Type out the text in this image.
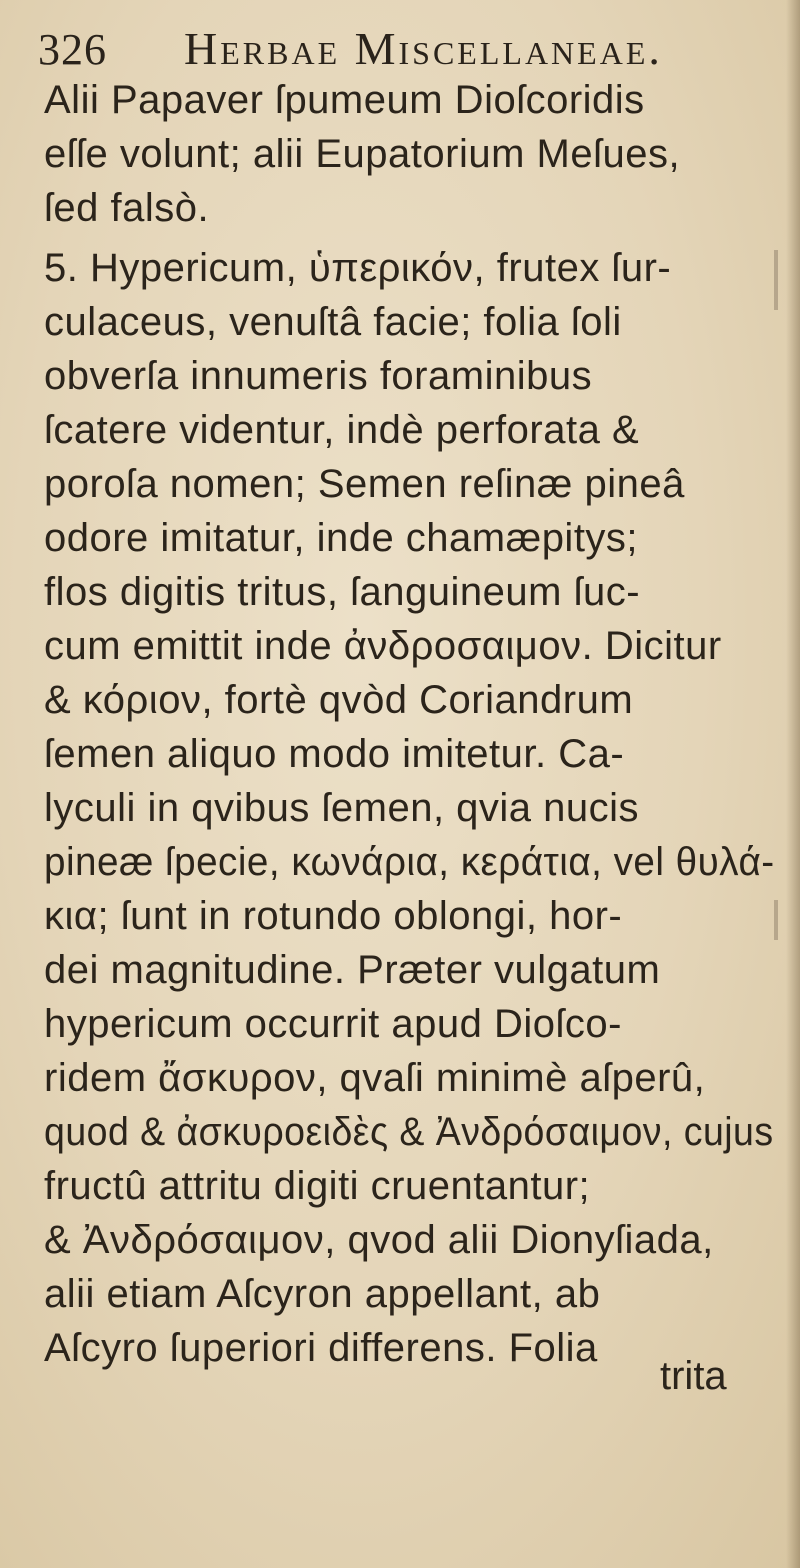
326 Herbae Miscellaneae.
Alii Papaver ſpumeum Dioſcoridis
eſſe volunt; alii Eupatorium Meſues,
ſed falsò.
5. Hypericum, ὑπερικόν, frutex ſur-
culaceus, venuſtâ facie; folia ſoli
obverſa innumeris foraminibus
ſcatere videntur, indè perforata &
poroſa nomen; Semen reſinæ pineâ
odore imitatur, inde chamæpitys;
flos digitis tritus, ſanguineum ſuc-
cum emittit inde ἀνδροσαιμον. Dicitur
& κόριον, fortè qvòd Coriandrum
ſemen aliquo modo imitetur. Ca-
lyculi in qvibus ſemen, qvia nucis
pineæ ſpecie, κωνάρια, κεράτια, vel θυλά-
κια; ſunt in rotundo oblongi, hor-
dei magnitudine. Præter vulgatum
hypericum occurrit apud Dioſco-
ridem ἄσκυρον, qvaſi minimè aſperû,
quod & ἀσκυροειδὲς & Ἀνδρόσαιμον, cujus
fructû attritu digiti cruentantur;
& Ἀνδρόσαιμον, qvod alii Dionyſiada,
alii etiam Aſcyron appellant, ab
Aſcyro ſuperiori differens. Folia
trita
